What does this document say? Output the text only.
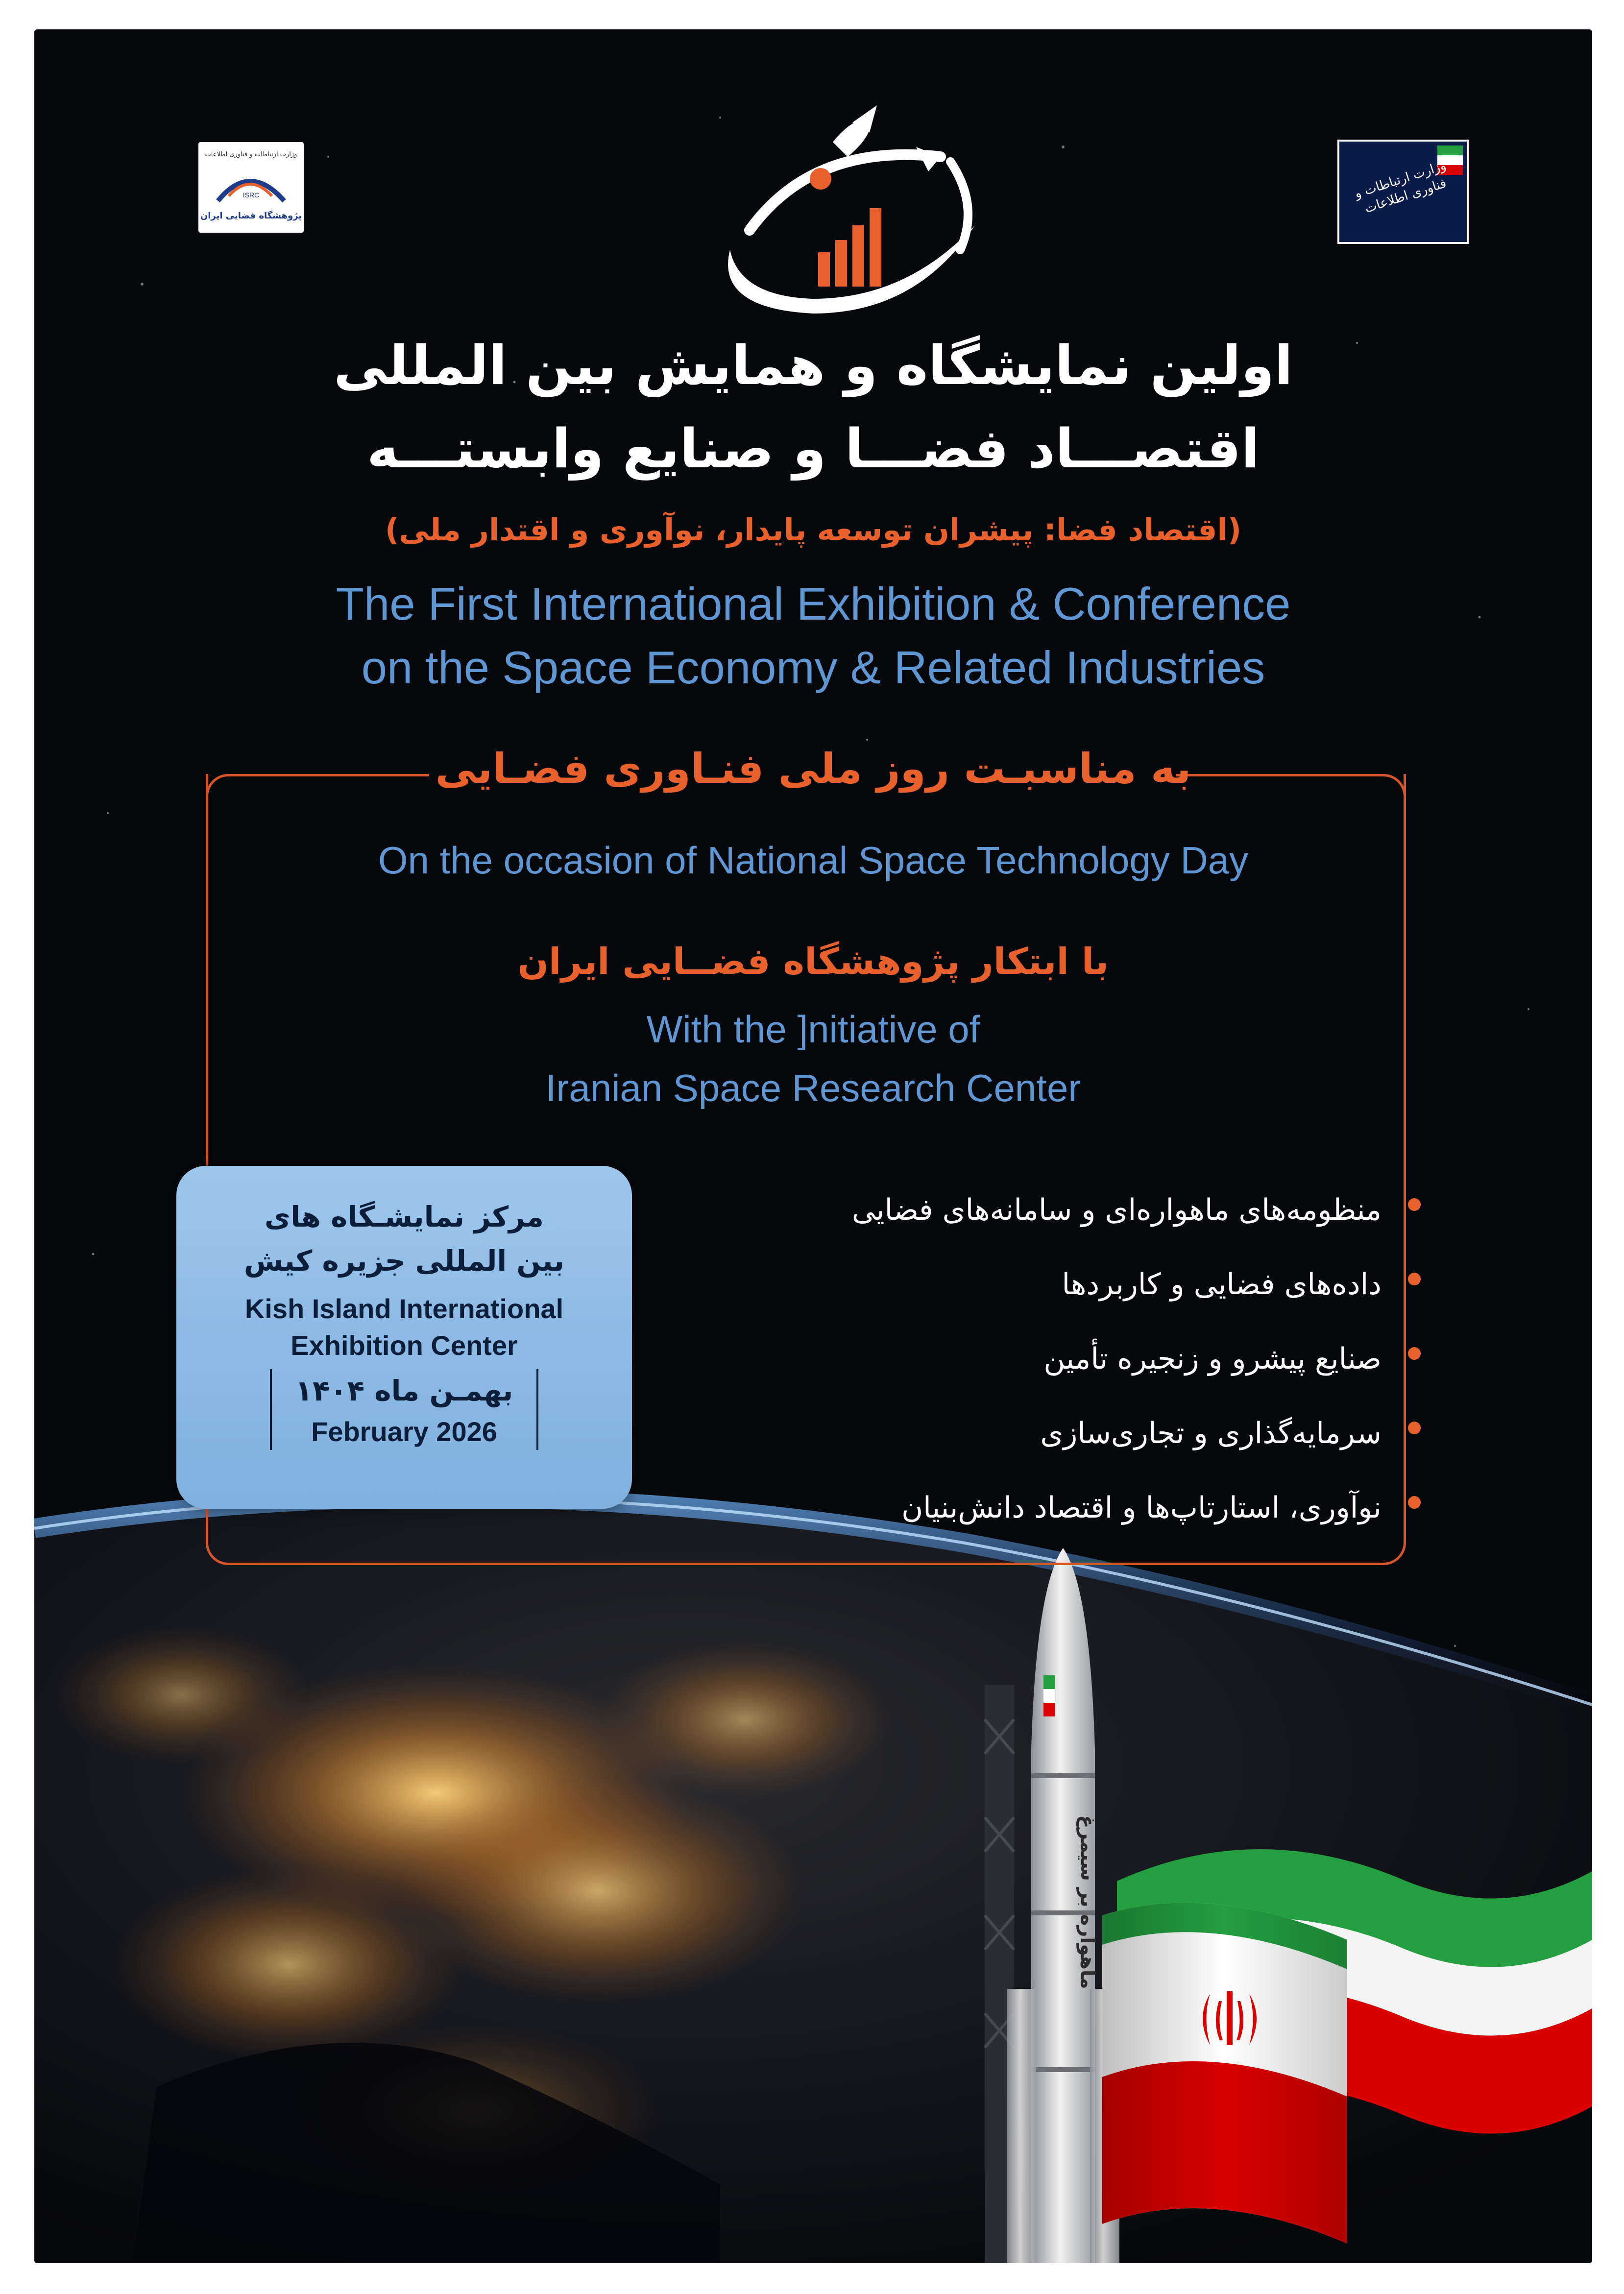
وزارت ارتباطات و فناوری اطلاعات
ISRC
پژوهشگاه فضایی ایران
وزارت ارتباطات و فناوری اطلاعات
اولین نمایشگاه و همایش بین المللی
اقتصـــاد فضـــا و صنایع وابستـــه
(اقتصاد فضا: پیشران توسعه پایدار، نوآوری و اقتدار ملی)
The First International Exhibition & Conference
on the Space Economy & Related Industries
به مناسبـت روز ملی فنـاوری فضـایی
On the occasion of National Space Technology Day
با ابتکار پژوهشگاه فضــایی ایران
With the ]nitiative of
Iranian Space Research Center
مرکز نمایشـگاه های
بین المللی جزیره کیش
Kish Island International
Exhibition Center
بهمـن ماه ۱۴۰۴
February 2026
منظومه‌های ماهواره‌ای و سامانه‌های فضایی
داده‌های فضایی و کاربردها
صنایع پیشرو و زنجیره تأمین
سرمایه‌گذاری و تجاری‌سازی
نوآوری، استارتاپ‌ها و اقتصاد دانش‌بنیان
ماهواره بر سیمرغ
